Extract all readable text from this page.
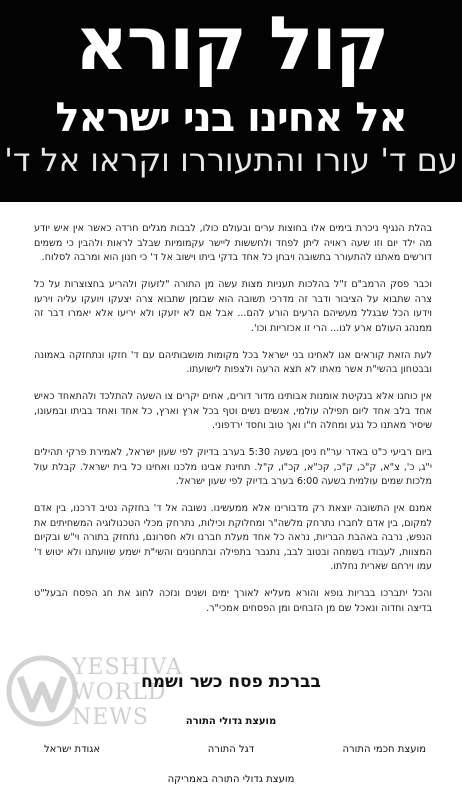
קול קורא
אל אחינו בני ישראל
עם ד' עורו והתעוררו וקראו אל ד'

בהלת הנגיף ניכרת בימים אלו בחוצות ערים ובעולם כולו, לבבות מגלים חרדה כאשר אין איש יודע מה ילד יום וזו שעה ראויה ליתן לפחד ולחששות ליישר עקמומיות שבלב לראות ולהבין כי משמים דורשים מאתנו להתעורר בתשובה ויבחן כל אחד בדקי ביתו וישוב אל ד' כי חנון הוא ומרבה לסלוח.

וכבר פסק הרמב"ם ז"ל בהלכות תעניות מצות עשה מן התורה "לזעוק ולהריע בחצוצרות על כל צרה שתבוא על הציבור ודבר זה מדרכי תשובה הוא שבזמן שתבוא צרה יצעקו ויועקו עליה וירעו וידעו הכל שבגלל מעשיהם הרעים הורע להם... אבל אם לא יזעקו ולא יריעו אלא יאמרו דבר זה ממנהג העולם ארע לנו... הרי זו אכזריות וכו'.

לעת הזאת קוראים אנו לאחינו בני ישראל בכל מקומות מושבותיהם עם ד' חזקו ונתחזקה באמונה ובבטחון בהשי"ת אשר מאתו לא תצא הרעה ולצפות לישועתו.

אין כוחנו אלא בנקיטת אומנות אבותינו מדור דורים, אחים יקרים צו השעה להתלכד ולהתאחד כאיש אחד בלב אחד ליום תפילה עולמי, אנשים נשים וטף בכל ארץ וארץ, כל אחד ואחד בביתו ובמעונו, שיסיר מאתנו כל נגע ומחלה ח"ו ואך טוב וחסד ירדפוני.

ביום רביעי כ"ט באדר ער"ח ניסן בשעה 5:30 בערב בדיוק לפי שעון ישראל, לאמירת פרקי תהילים י"ג, כ', צ"א, ק"כ, ק"כ, קכ"א, קכ"ו, ק"ל. תחינת אבינו מלכנו ואחינו כל בית ישראל. קבלת עול מלכות שמים עולמית בשעה 6:00 בערב בדיוק לפי שעון ישראל.

אמנם אין התשובה יוצאת רק מדבורינו אלא ממעשינו. נשובה אל ד' בחזקה נטיב דרכנו, בין אדם למקום, בין אדם לחברו נתרחק מלשה"ר ומחלוקת וכילות, נתרחק מכלי הטכנולוגיה המשחיתים את הנפש, נרבה באהבת הבריות, נראה כל אחד מעלת חברנו ולא חסרונם, נתחזק בתורה וי"ש ובקיום המצוות, לעבודו בשמחה ובטוב לבב, נתגבר בתפילה ובתחנונים והשי"ת ישמע שוועתנו ולא יטוש ד' עמו וירחם שארית נחלתו.

והכל יתברכו בבריות גופא והורא מעליא לאורך ימים ושנים ונזכה לחוג את חג הפסח הבעל"ט בדיצה וחדוה ונאכל שם מן הזבחים ומן הפסחים אמכי"ר.

YESHIVA
WORLD
NEWS
בברכת פסח כשר ושמח
מועצת גדולי התורה
מועצת חכמי התורה
דגל התורה
אגודת ישראל
מועצת גדולי התורה באמריקה
